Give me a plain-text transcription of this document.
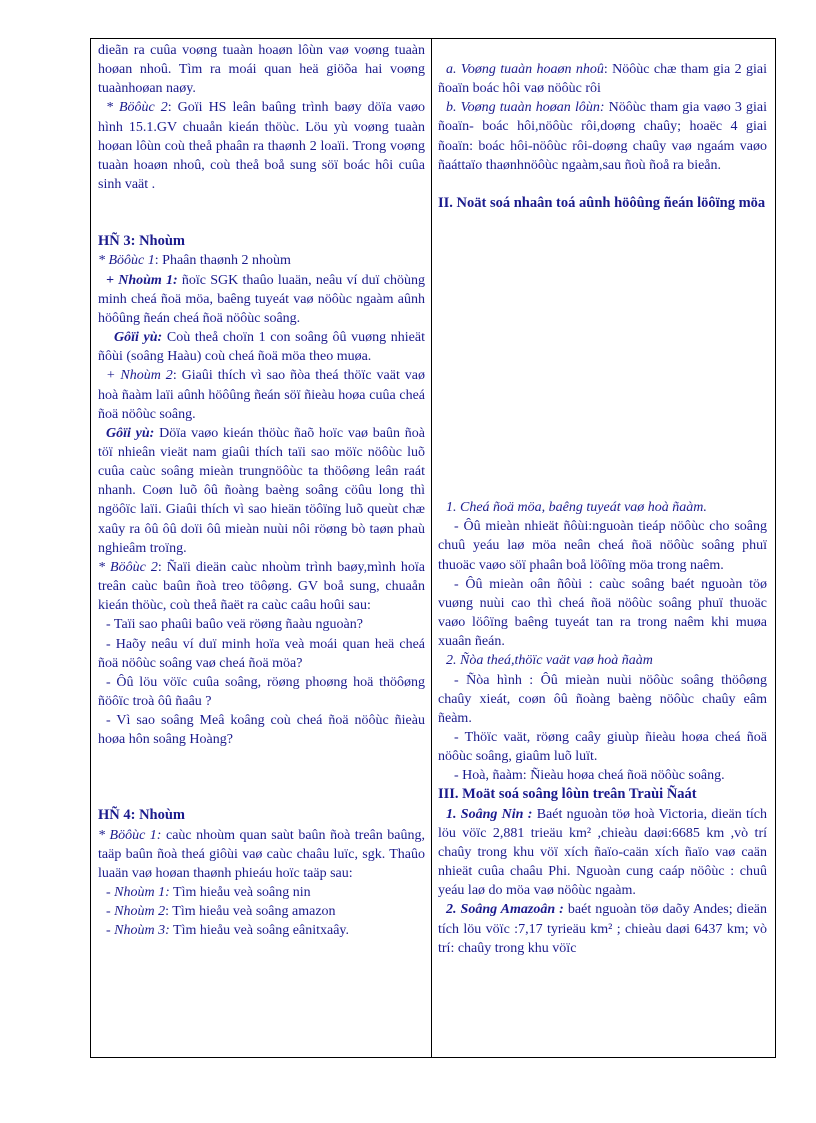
dieãn ra cuûa voøng tuaàn hoaøn lôùn vaø voøng tuaàn hoøan nhoû. Tìm ra moái quan heä giöõa hai voøng tuaànhoøan naøy.

* Böôùc 2: Goïi HS leân baûng trình baøy döïa vaøo hình 15.1.GV chuaån kieán thöùc. Löu yù voøng tuaàn hoøan lôùn coù theå phaân ra thaønh 2 loaïi. Trong voøng tuaàn hoaøn nhoû, coù theå boå sung söï boác hôi cuûa sinh vaät .

HÑ 3: Nhoùm

* Böôùc 1: Phaân thaønh 2 nhoùm

+ Nhoùm 1: ñoïc SGK thaûo luaän, neâu ví duï chöùng minh cheá ñoä möa, baêng tuyeát vaø nöôùc ngaàm aûnh höôûng ñeán cheá ñoä nöôùc soâng.

Gôïi yù: Coù theå choïn 1 con soâng ôû vuøng nhieät ñôùi (soâng Haàu) coù cheá ñoä möa theo muøa.

+ Nhoùm 2: Giaûi thích vì sao ñòa theá thöïc vaät vaø hoà ñaàm laïi aûnh höôûng ñeán söï ñieàu hoøa cuûa cheá ñoä nöôùc soâng.

Gôïi yù: Döïa vaøo kieán thöùc ñaõ hoïc vaø baûn ñoà töï nhieân vieät nam giaûi thích taïi sao möïc nöôùc luõ cuûa caùc soâng mieàn trungnöôùc ta thöôøng leân raát nhanh. Coøn luõ ôû ñoàng baèng soâng cöûu long thì ngöôïc laïi. Giaûi thích vì sao hieän töôïng luõ queùt chæ xaûy ra ôû ôû doïi ôû mieàn nuùi nôi röøng bò taøn phaù nghieâm troïng.

* Böôùc 2: Ñaïi dieän caùc nhoùm trình baøy,mình hoïa treân caùc baûn ñoà treo töôøng. GV boå sung, chuaån kieán thöùc, coù theå ñaët ra caùc caâu hoûi sau:

- Taïi sao phaûi baûo veä röøng ñaàu nguoàn?

- Haõy neâu ví duï minh hoïa veà moái quan heä cheá ñoä nöôùc soâng vaø cheá ñoä möa?

- Ôû löu vöïc cuûa soâng, röøng phoøng hoä thöôøng ñöôïc troà ôû ñaâu ?

- Vì sao soâng Meâ koâng coù cheá ñoä nöôùc ñieàu hoøa hôn soâng Hoàng?

HÑ 4: Nhoùm

* Böôùc 1: caùc nhoùm quan saùt baûn ñoà treân baûng, taäp baûn ñoà theá giôùi vaø caùc chaâu luïc, sgk. Thaûo luaän vaø hoøan thaønh phieáu hoïc taäp sau:

- Nhoùm 1: Tìm hieåu veà soâng nin

- Nhoùm 2: Tìm hieåu veà soâng amazon

- Nhoùm 3: Tìm hieåu veà soâng eânitxaây.

a. Voøng tuaàn hoaøn nhoû: Nöôùc chæ tham gia 2 giai ñoaïn boác hôi vaø nöôùc rôi

b. Voøng tuaàn hoøan lôùn: Nöôùc tham gia vaøo 3 giai ñoaïn- boác hôi,nöôùc rôi,doøng chaûy; hoaëc 4 giai ñoaïn: boác hôi-nöôùc rôi-doøng chaûy vaø ngaám vaøo ñaáttaïo thaønhnöôùc ngaàm,sau ñoù ñoå ra bieån.

II. Noät soá nhaân toá aûnh höôûng ñeán löôïng möa

1. Cheá ñoä möa, baêng tuyeát vaø hoà ñaàm.

- Ôû mieàn nhieät ñôùi:nguoàn tieáp nöôùc cho soâng chuû yeáu laø möa neân cheá ñoä nöôùc soâng phuï thuoäc vaøo söï phaân boå löôïng möa trong naêm.

- Ôû mieàn oân ñôùi : caùc soâng baét nguoàn töø vuøng nuùi cao thì cheá ñoä nöôùc soâng phuï thuoäc vaøo löôïng baêng tuyeát tan ra trong naêm khi muøa xuaân ñeán.

2. Ñòa theá,thöïc vaät vaø hoà ñaàm

- Ñòa hình : Ôû mieàn nuùi nöôùc soâng thöôøng chaûy xieát, coøn ôû ñoàng baèng nöôùc chaûy eâm ñeàm.

- Thöïc vaät, röøng caây giuùp ñieàu hoøa cheá ñoä nöôùc soâng, giaûm luõ luït.

- Hoà, ñaàm: Ñieàu hoøa cheá ñoä nöôùc soâng.

III. Moät soá soâng lôùn treân Traùi Ñaát

1. Soâng Nin : Baét nguoàn töø hoà Victoria, dieän tích löu vöïc 2,881 trieäu km² ,chieàu daøi:6685 km ,vò trí chaûy trong khu vöï xích ñaïo-caän xích ñaïo vaø caän nhieät cuûa chaâu Phi. Nguoàn cung caáp nöôùc : chuû yeáu laø do möa vaø nöôùc ngaàm.

2. Soâng Amazoân : baét nguoàn töø daõy Andes; dieän tích löu vöïc :7,17 tyrieäu km² ; chieàu daøi 6437 km; vò trí: chaûy trong khu vöïc
